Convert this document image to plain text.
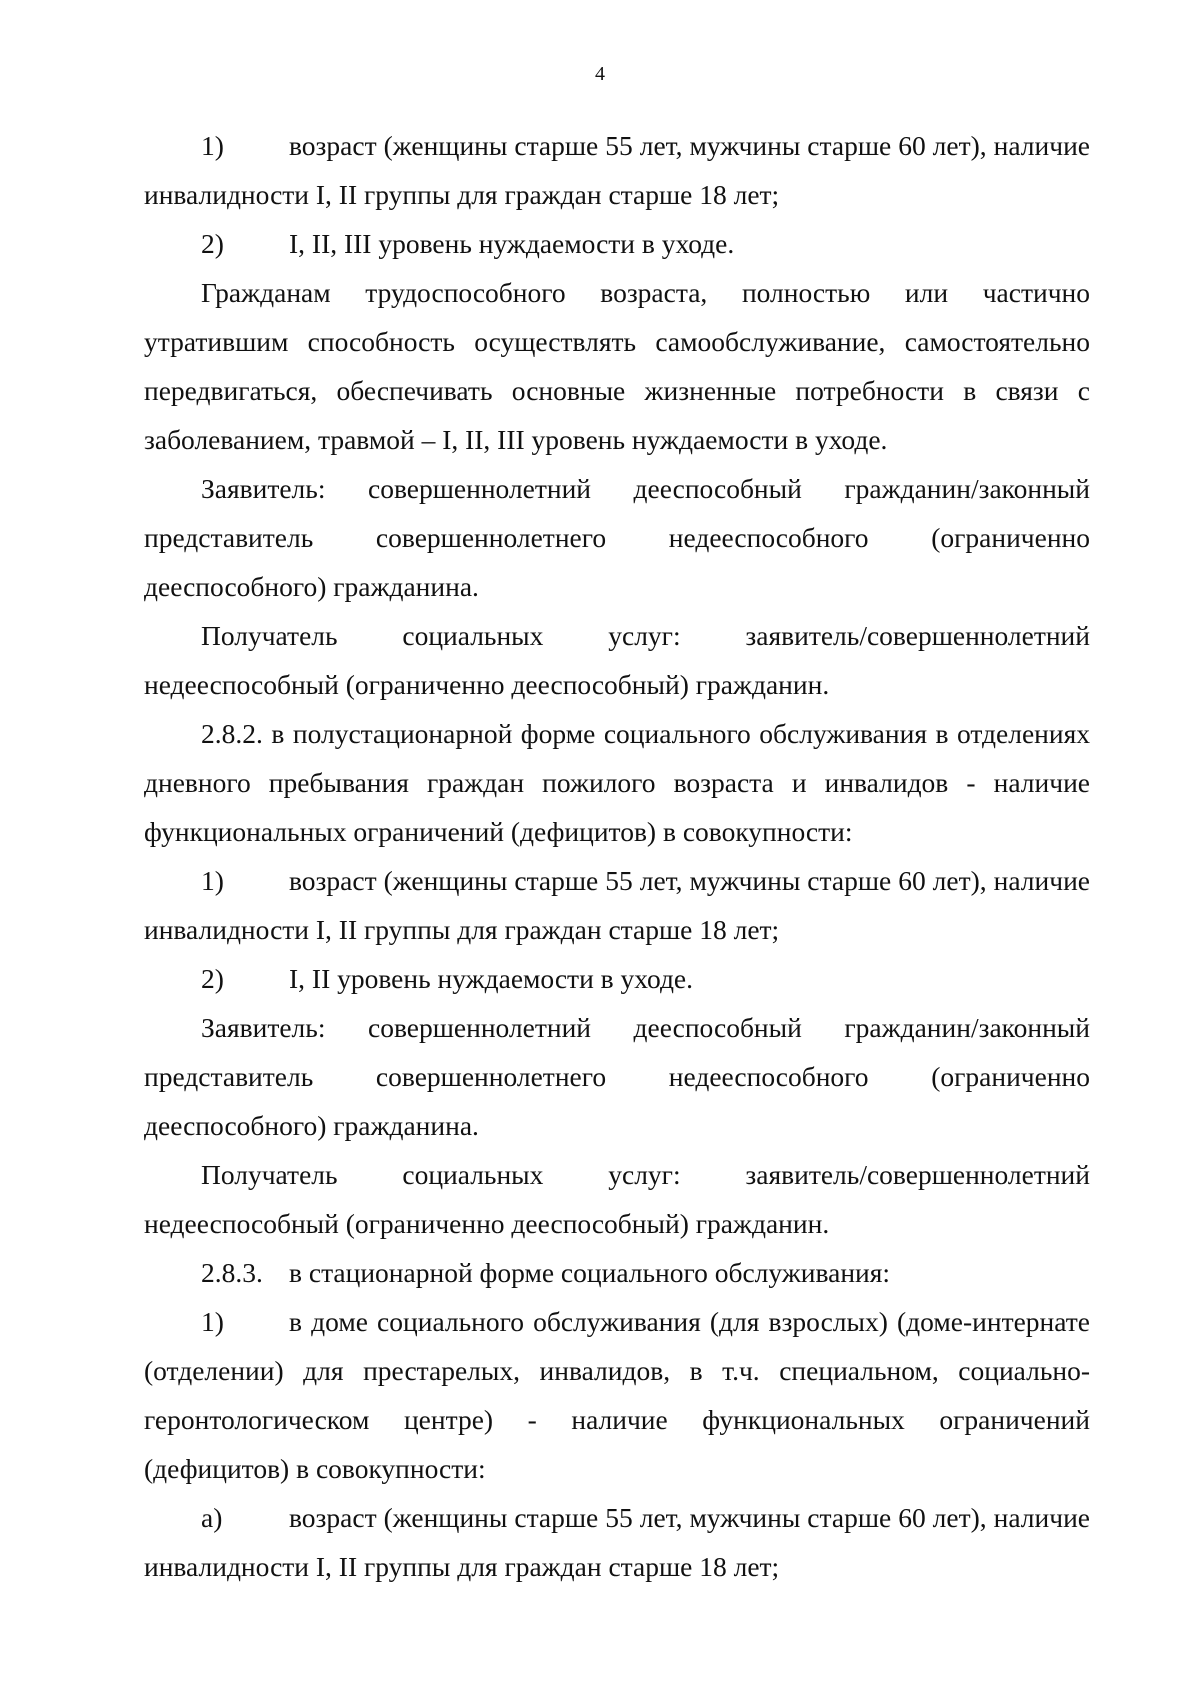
4

1) возраст (женщины старше 55 лет, мужчины старше 60 лет), наличие инвалидности I, II группы для граждан старше 18 лет;

2) I, II, III уровень нуждаемости в уходе.

Гражданам трудоспособного возраста, полностью или частично утратившим способность осуществлять самообслуживание, самостоятельно передвигаться, обеспечивать основные жизненные потребности в связи с заболеванием, травмой – I, II, III уровень нуждаемости в уходе.

Заявитель: совершеннолетний дееспособный гражданин/законный представитель совершеннолетнего недееспособного (ограниченно дееспособного) гражданина.

Получатель социальных услуг: заявитель/совершеннолетний недееспособный (ограниченно дееспособный) гражданин.

2.8.2. в полустационарной форме социального обслуживания в отделениях дневного пребывания граждан пожилого возраста и инвалидов - наличие функциональных ограничений (дефицитов) в совокупности:

1) возраст (женщины старше 55 лет, мужчины старше 60 лет), наличие инвалидности I, II группы для граждан старше 18 лет;

2) I, II уровень нуждаемости в уходе.

Заявитель: совершеннолетний дееспособный гражданин/законный представитель совершеннолетнего недееспособного (ограниченно дееспособного) гражданина.

Получатель социальных услуг: заявитель/совершеннолетний недееспособный (ограниченно дееспособный) гражданин.

2.8.3. в стационарной форме социального обслуживания:

1) в доме социального обслуживания (для взрослых) (доме-интернате (отделении) для престарелых, инвалидов, в т.ч. специальном, социально-геронтологическом центре) - наличие функциональных ограничений (дефицитов) в совокупности:

а) возраст (женщины старше 55 лет, мужчины старше 60 лет), наличие инвалидности I, II группы для граждан старше 18 лет;
